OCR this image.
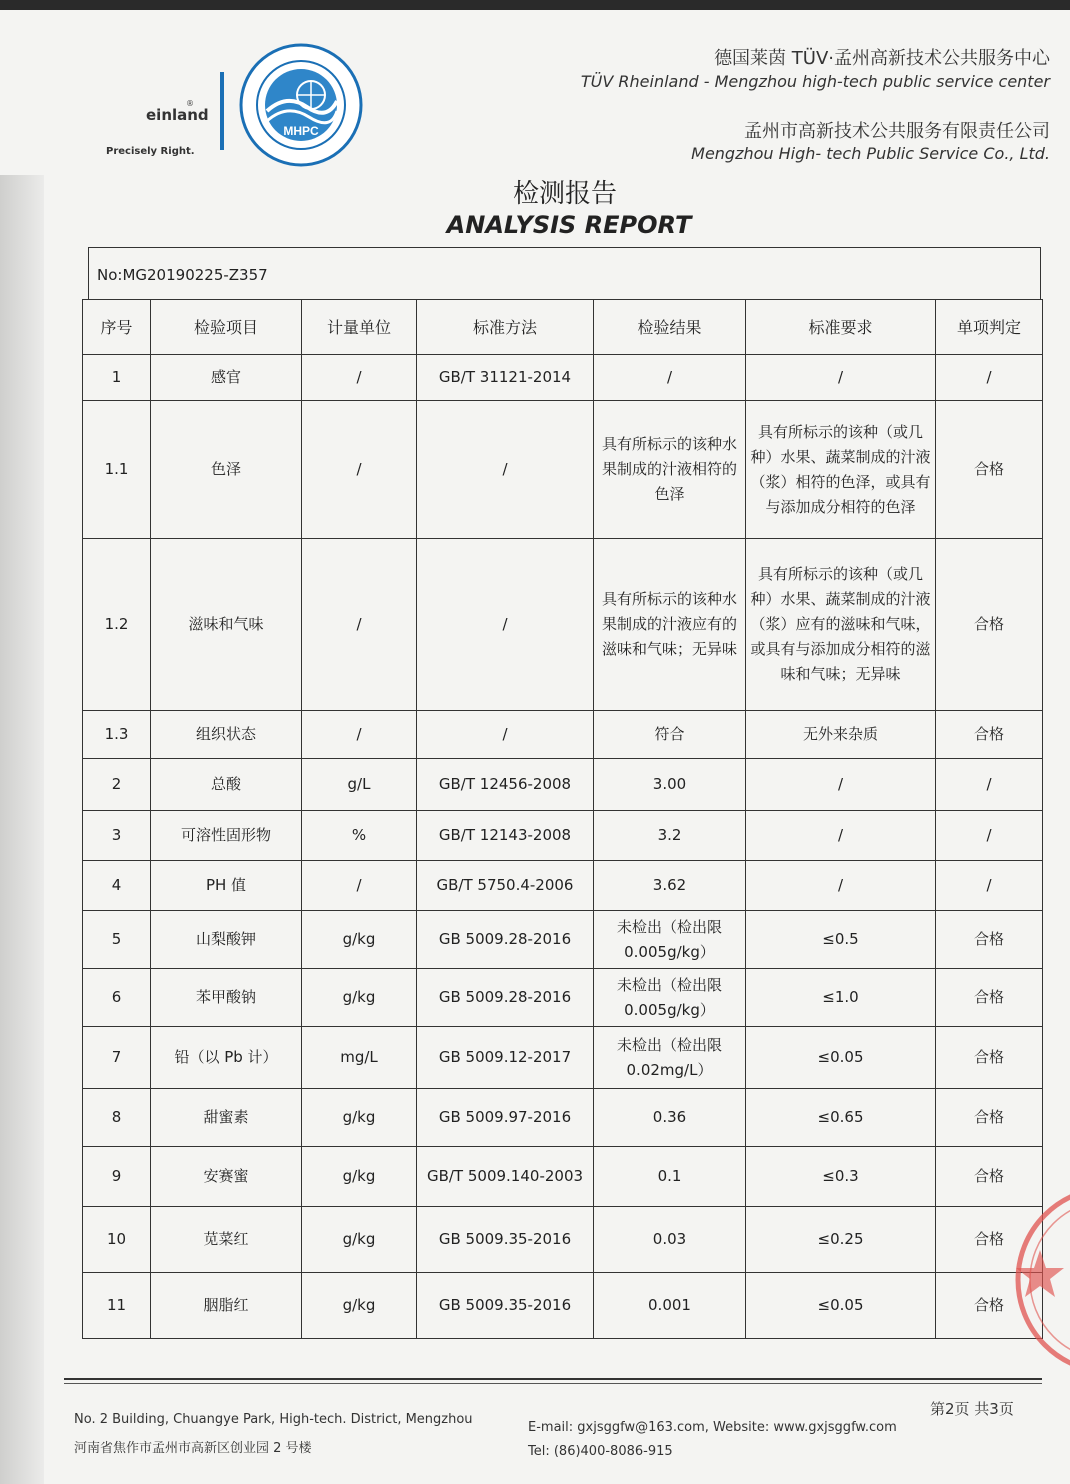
einland
®
Precisely Right.
MHPC
德国莱茵 TÜV·孟州高新技术公共服务中心
TÜV Rheinland - Mengzhou high-tech public service center
孟州市高新技术公共服务有限责任公司
Mengzhou High- tech Public Service Co., Ltd.
检测报告
ANALYSIS REPORT
No:MG20190225-Z357
序号	检验项目	计量单位	标准方法	检验结果	标准要求	单项判定
1	感官	/	GB/T 31121-2014	/	/	/
1.1	色泽	/	/	具有所标示的该种水果制成的汁液相符的色泽	具有所标示的该种（或几种）水果、蔬菜制成的汁液（浆）相符的色泽，或具有与添加成分相符的色泽	合格
1.2	滋味和气味	/	/	具有所标示的该种水果制成的汁液应有的滋味和气味；无异味	具有所标示的该种（或几种）水果、蔬菜制成的汁液（浆）应有的滋味和气味，或具有与添加成分相符的滋味和气味；无异味	合格
1.3	组织状态	/	/	符合	无外来杂质	合格
2	总酸	g/L	GB/T 12456-2008	3.00	/	/
3	可溶性固形物	%	GB/T 12143-2008	3.2	/	/
4	PH 值	/	GB/T 5750.4-2006	3.62	/	/
5	山梨酸钾	g/kg	GB 5009.28-2016	未检出（检出限0.005g/kg）	≤0.5	合格
6	苯甲酸钠	g/kg	GB 5009.28-2016	未检出（检出限0.005g/kg）	≤1.0	合格
7	铅（以 Pb 计）	mg/L	GB 5009.12-2017	未检出（检出限0.02mg/L）	≤0.05	合格
8	甜蜜素	g/kg	GB 5009.97-2016	0.36	≤0.65	合格
9	安赛蜜	g/kg	GB/T 5009.140-2003	0.1	≤0.3	合格
10	苋菜红	g/kg	GB 5009.35-2016	0.03	≤0.25	合格
11	胭脂红	g/kg	GB 5009.35-2016	0.001	≤0.05	合格
第2页 共3页
No. 2 Building, Chuangye Park, High-tech. District, Mengzhou
河南省焦作市孟州市高新区创业园 2 号楼
E-mail: gxjsggfw@163.com, Website: www.gxjsggfw.com
Tel: (86)400-8086-915
